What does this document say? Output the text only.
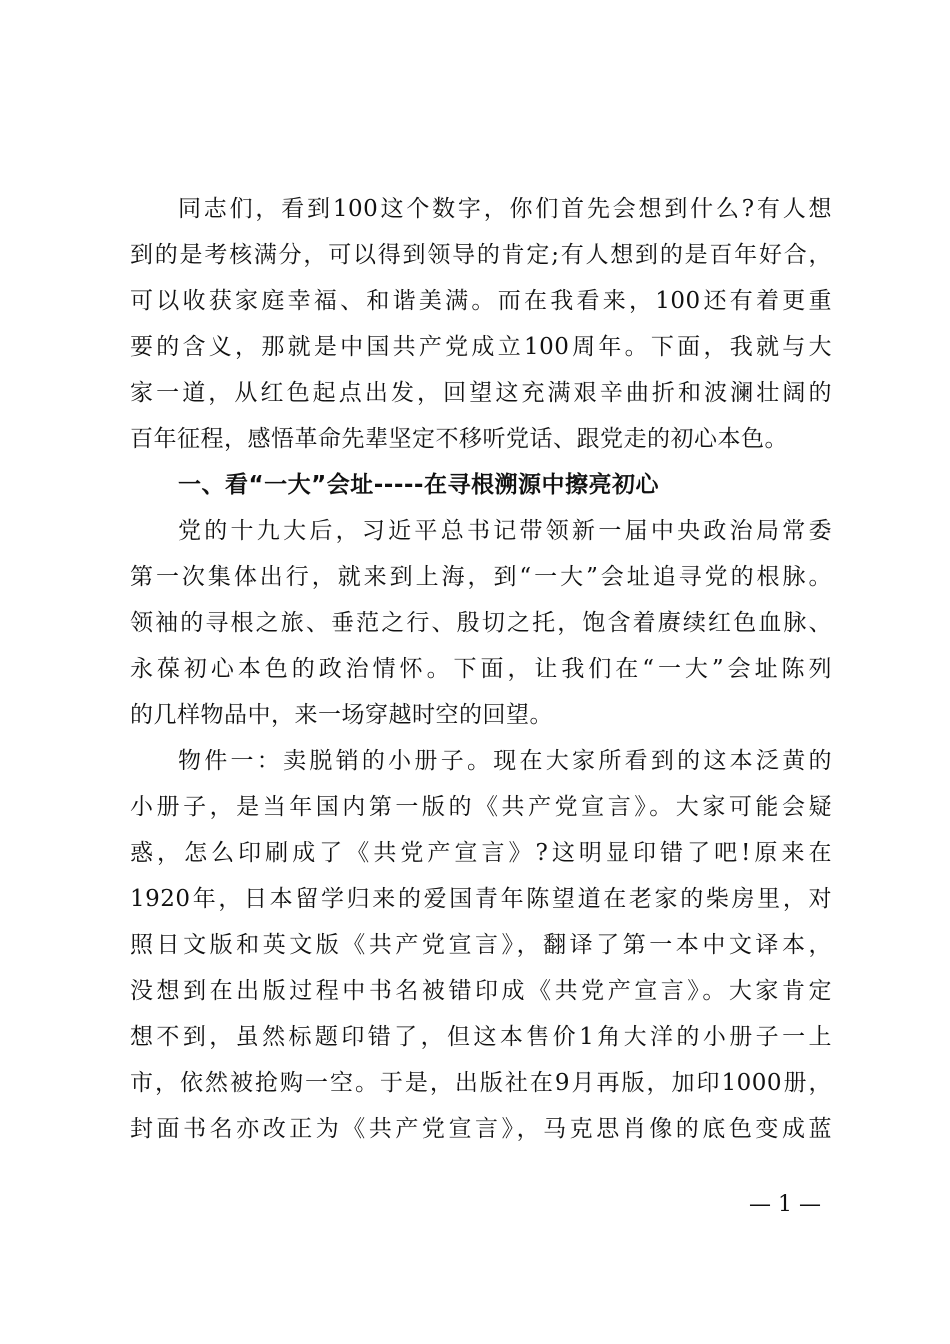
同志们，看到100这个数字，你们首先会想到什么?有人想
到的是考核满分，可以得到领导的肯定;有人想到的是百年好合，
可以收获家庭幸福、和谐美满。而在我看来，100还有着更重
要的含义，那就是中国共产党成立100周年。下面，我就与大
家一道，从红色起点出发，回望这充满艰辛曲折和波澜壮阔的
百年征程，感悟革命先辈坚定不移听党话、跟党走的初心本色。
一、看“一大”会址-----在寻根溯源中擦亮初心
党的十九大后，习近平总书记带领新一届中央政治局常委
第一次集体出行，就来到上海，到“一大”会址追寻党的根脉。
领袖的寻根之旅、垂范之行、殷切之托，饱含着赓续红色血脉、
永葆初心本色的政治情怀。下面，让我们在“一大”会址陈列
的几样物品中，来一场穿越时空的回望。
物件一：卖脱销的小册子。现在大家所看到的这本泛黄的
小册子，是当年国内第一版的《共产党宣言》。大家可能会疑
惑，怎么印刷成了《共党产宣言》?这明显印错了吧!原来在
1920年，日本留学归来的爱国青年陈望道在老家的柴房里，对
照日文版和英文版《共产党宣言》，翻译了第一本中文译本，
没想到在出版过程中书名被错印成《共党产宣言》。大家肯定
想不到，虽然标题印错了，但这本售价1角大洋的小册子一上
市，依然被抢购一空。于是，出版社在9月再版，加印1000册，
封面书名亦改正为《共产党宣言》，马克思肖像的底色变成蓝
— 1 —
